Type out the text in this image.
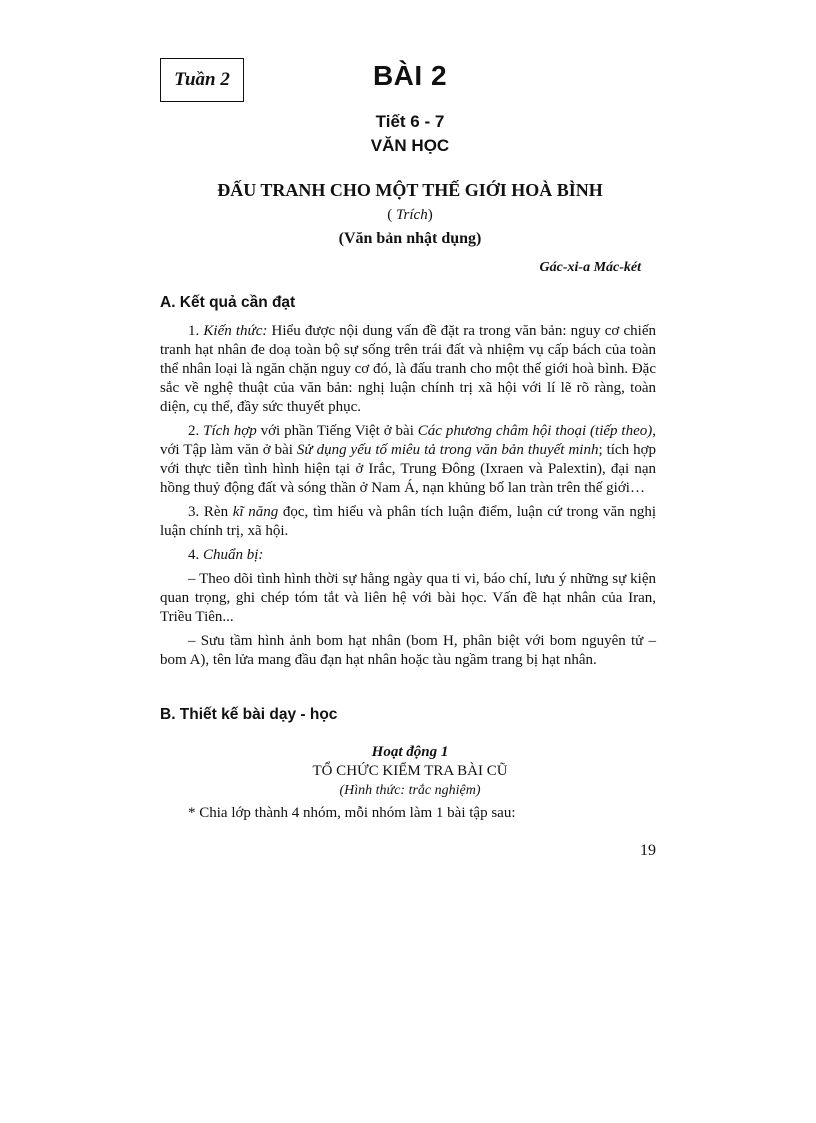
Tuần 2	BÀI 2
Tiết 6 - 7
VĂN HỌC
ĐẤU TRANH CHO MỘT THẾ GIỚI HOÀ BÌNH
( Trích)
(Văn bản nhật dụng)
Gác-xi-a Mác-két
A. Kết quả cần đạt

1. Kiến thức: Hiểu được nội dung vấn đề đặt ra trong văn bản: nguy cơ chiến tranh hạt nhân đe doạ toàn bộ sự sống trên trái đất và nhiệm vụ cấp bách của toàn thể nhân loại là ngăn chặn nguy cơ đó, là đấu tranh cho một thế giới hoà bình. Đặc sắc về nghệ thuật của văn bản: nghị luận chính trị xã hội với lí lẽ rõ ràng, toàn diện, cụ thể, đầy sức thuyết phục.

2. Tích hợp với phần Tiếng Việt ở bài Các phương châm hội thoại (tiếp theo), với Tập làm văn ở bài Sử dụng yếu tố miêu tả trong văn bản thuyết minh; tích hợp với thực tiễn tình hình hiện tại ở Irắc, Trung Đông (Ixraen và Palextin), đại nạn hồng thuỷ động đất và sóng thần ở Nam Á, nạn khủng bố lan tràn trên thế giới…

3. Rèn kĩ năng đọc, tìm hiểu và phân tích luận điểm, luận cứ trong văn nghị luận chính trị, xã hội.

4. Chuẩn bị:

– Theo dõi tình hình thời sự hằng ngày qua ti vi, báo chí, lưu ý những sự kiện quan trọng, ghi chép tóm tắt và liên hệ với bài học. Vấn đề hạt nhân của Iran, Triều Tiên...

– Sưu tầm hình ảnh bom hạt nhân (bom H, phân biệt với bom nguyên tử – bom A), tên lửa mang đầu đạn hạt nhân hoặc tàu ngầm trang bị hạt nhân.

B. Thiết kế bài dạy - học
Hoạt động 1
TỔ CHỨC KIỂM TRA BÀI CŨ
(Hình thức: trắc nghiệm)
* Chia lớp thành 4 nhóm, mỗi nhóm làm 1 bài tập sau:
19
